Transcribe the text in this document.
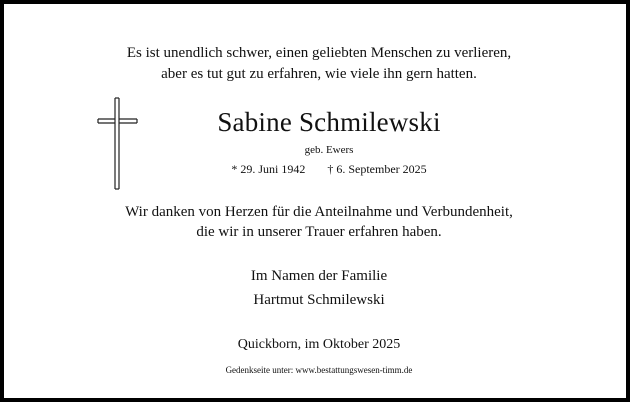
Es ist unendlich schwer, einen geliebten Menschen zu verlieren,
aber es tut gut zu erfahren, wie viele ihn gern hatten.
Sabine Schmilewski
geb. Ewers
* 29. Juni 1942 † 6. September 2025
Wir danken von Herzen für die Anteilnahme und Verbundenheit,
die wir in unserer Trauer erfahren haben.
Im Namen der Familie
Hartmut Schmilewski
Quickborn, im Oktober 2025
Gedenkseite unter: www.bestattungswesen-timm.de
